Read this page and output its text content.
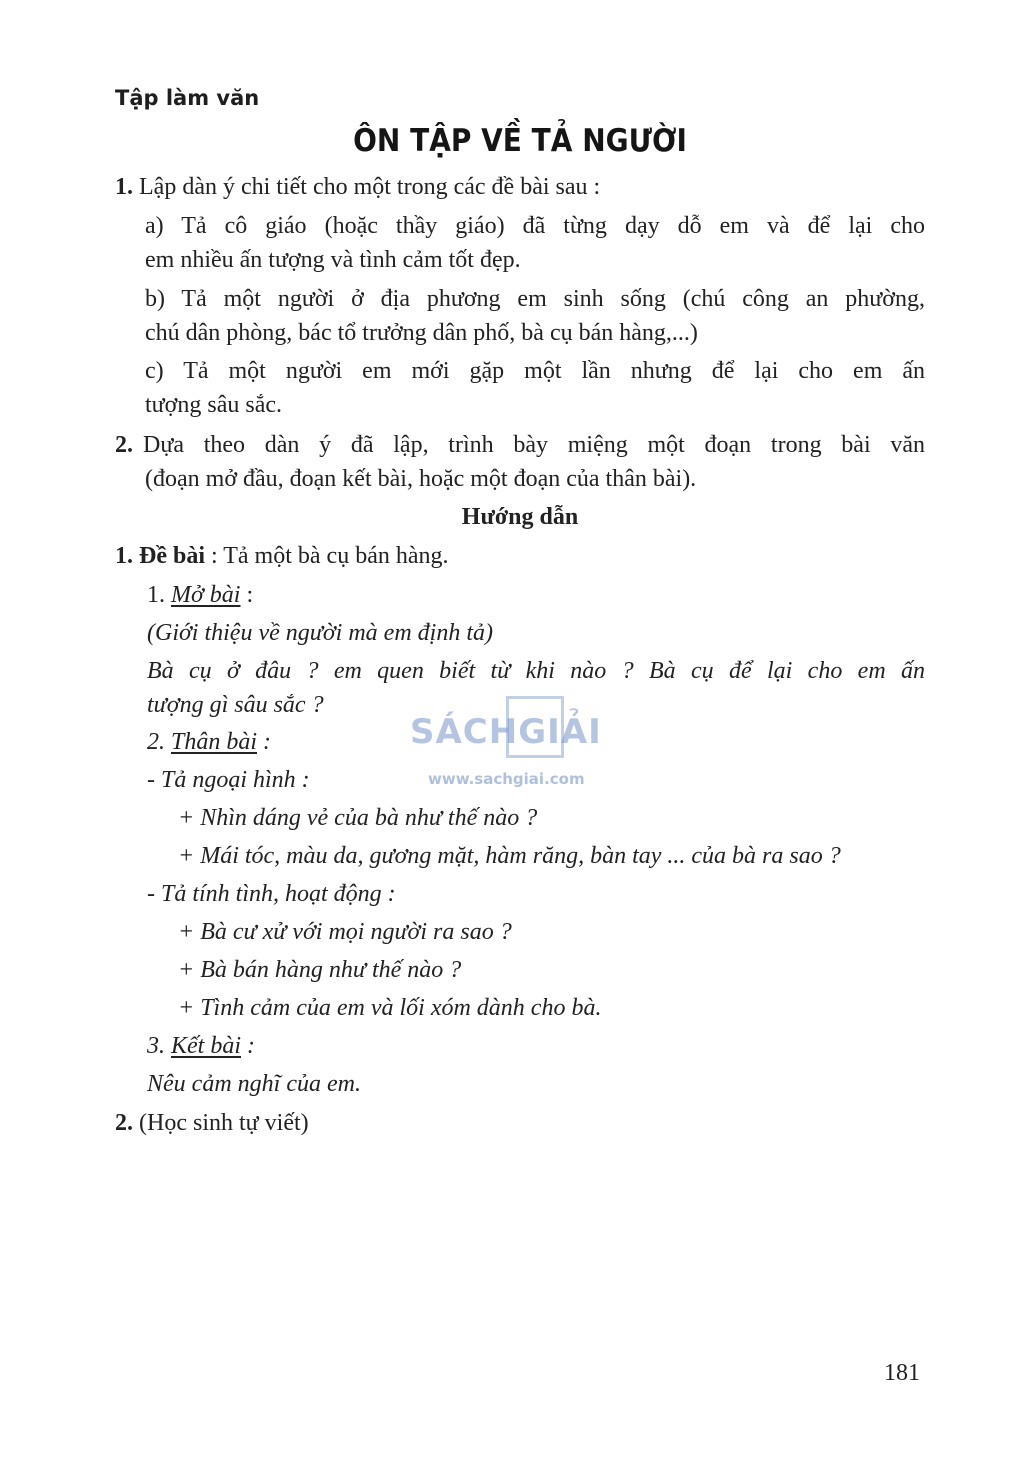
Tập làm văn
ÔN TẬP VỀ TẢ NGƯỜI
1. Lập dàn ý chi tiết cho một trong các đề bài sau :
a) Tả cô giáo (hoặc thầy giáo) đã từng dạy dỗ em và để lại cho
em nhiều ấn tượng và tình cảm tốt đẹp.
b) Tả một người ở địa phương em sinh sống (chú công an phường,
chú dân phòng, bác tổ trưởng dân phố, bà cụ bán hàng,...)
c) Tả một người em mới gặp một lần nhưng để lại cho em ấn
tượng sâu sắc.
2. Dựa theo dàn ý đã lập, trình bày miệng một đoạn trong bài văn
(đoạn mở đầu, đoạn kết bài, hoặc một đoạn của thân bài).
Hướng dẫn
1. Đề bài : Tả một bà cụ bán hàng.
1. Mở bài :
(Giới thiệu về người mà em định tả)
Bà cụ ở đâu ? em quen biết từ khi nào ? Bà cụ để lại cho em ấn
tượng gì sâu sắc ?
2. Thân bài :
- Tả ngoại hình :
+ Nhìn dáng vẻ của bà như thế nào ?
+ Mái tóc, màu da, gương mặt, hàm răng, bàn tay ... của bà ra sao ?
- Tả tính tình, hoạt động :
+ Bà cư xử với mọi người ra sao ?
+ Bà bán hàng như thế nào ?
+ Tình cảm của em và lối xóm dành cho bà.
3. Kết bài :
Nêu cảm nghĩ của em.
2. (Học sinh tự viết)
SÁCHGIẢI
www.sachgiai.com
181
